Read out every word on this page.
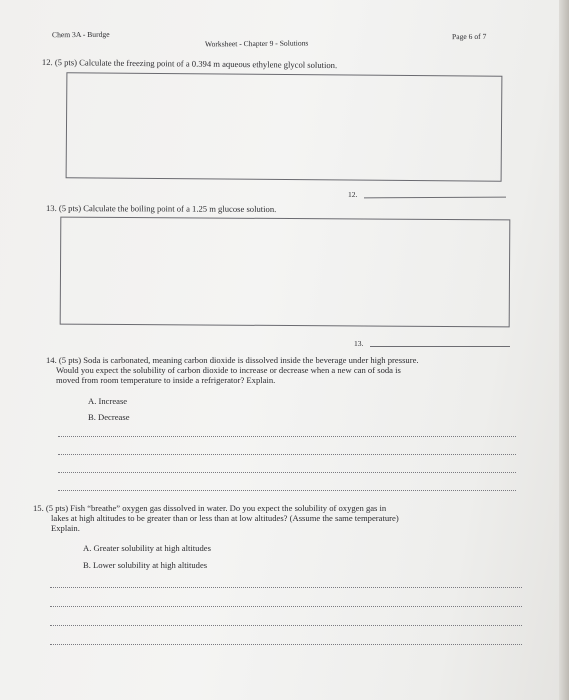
Chem 3A - Burdge
Worksheet - Chapter 9 - Solutions
Page 6 of 7
12. (5 pts) Calculate the freezing point of a 0.394 m aqueous ethylene glycol solution.
12.
13. (5 pts) Calculate the boiling point of a 1.25 m glucose solution.
13.
14. (5 pts) Soda is carbonated, meaning carbon dioxide is dissolved inside the beverage under high pressure.
Would you expect the solubility of carbon dioxide to increase or decrease when a new can of soda is
moved from room temperature to inside a refrigerator? Explain.
A. Increase
B. Decrease
15. (5 pts) Fish “breathe” oxygen gas dissolved in water. Do you expect the solubility of oxygen gas in
lakes at high altitudes to be greater than or less than at low altitudes? (Assume the same temperature)
Explain.
A. Greater solubility at high altitudes
B. Lower solubility at high altitudes
